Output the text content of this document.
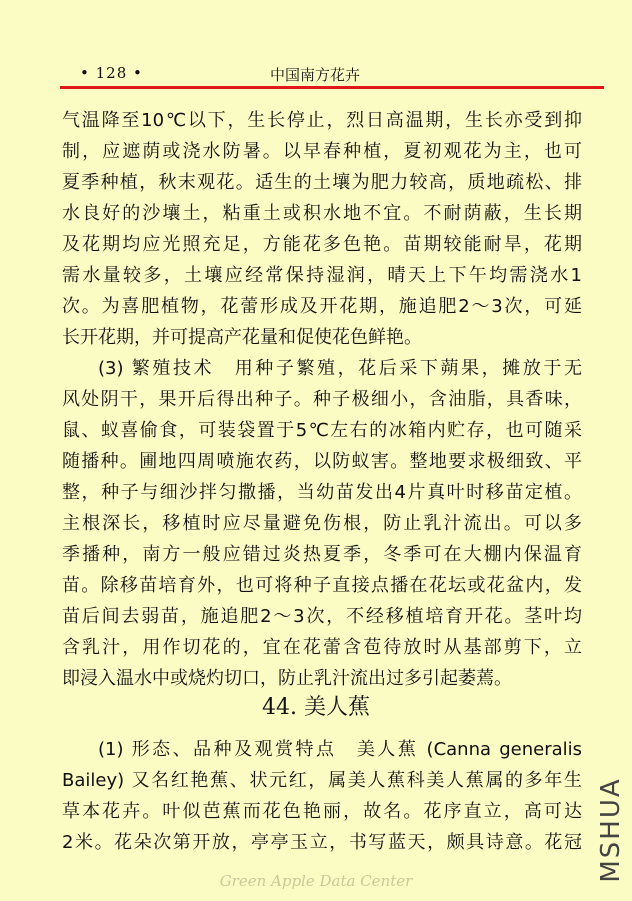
• 128 •	中国南方花卉
气温降至10℃以下，生长停止，烈日高温期，生长亦受到抑
制，应遮荫或浇水防暑。以早春种植，夏初观花为主，也可
夏季种植，秋末观花。适生的土壤为肥力较高，质地疏松、排
水良好的沙壤土，粘重土或积水地不宜。不耐荫蔽，生长期
及花期均应光照充足，方能花多色艳。苗期较能耐旱，花期
需水量较多，土壤应经常保持湿润，晴天上下午均需浇水1
次。为喜肥植物，花蕾形成及开花期，施追肥2～3次，可延
长开花期，并可提高产花量和促使花色鲜艳。
(3) 繁殖技术　用种子繁殖，花后采下蒴果，摊放于无
风处阴干，果开后得出种子。种子极细小，含油脂，具香味，
鼠、蚁喜偷食，可装袋置于5℃左右的冰箱内贮存，也可随采
随播种。圃地四周喷施农药，以防蚁害。整地要求极细致、平
整，种子与细沙拌匀撒播，当幼苗发出4片真叶时移苗定植。
主根深长，移植时应尽量避免伤根，防止乳汁流出。可以多
季播种，南方一般应错过炎热夏季，冬季可在大棚内保温育
苗。除移苗培育外，也可将种子直接点播在花坛或花盆内，发
苗后间去弱苗，施追肥2～3次，不经移植培育开花。茎叶均
含乳汁，用作切花的，宜在花蕾含苞待放时从基部剪下，立
即浸入温水中或烧灼切口，防止乳汁流出过多引起萎蔫。
44. 美人蕉
(1) 形态、品种及观赏特点　美人蕉 (Canna generalis
Bailey) 又名红艳蕉、状元红，属美人蕉科美人蕉属的多年生
草本花卉。叶似芭蕉而花色艳丽，故名。花序直立，高可达
2米。花朵次第开放，亭亭玉立，书写蓝天，颇具诗意。花冠
Green Apple Data Center	MSHUA
